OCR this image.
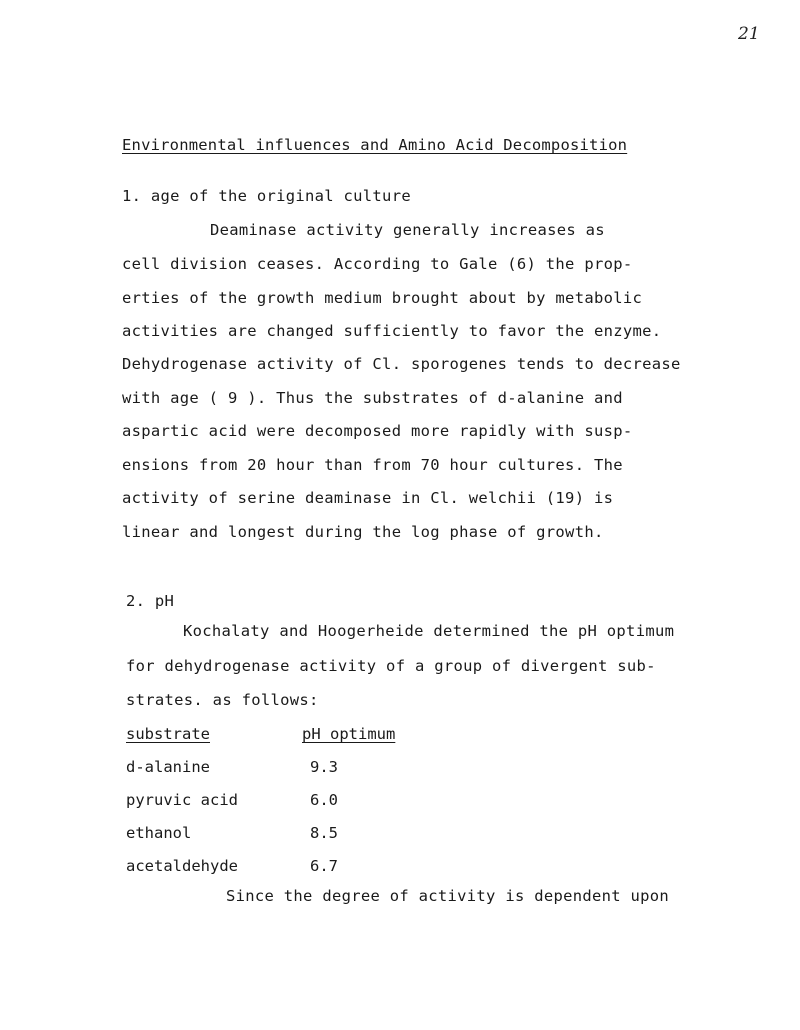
21
Environmental influences and Amino Acid Decomposition
1. age of the original culture
Deaminase activity generally increases as
cell division ceases. According to Gale (6) the prop-
erties of the growth medium brought about by metabolic
activities are changed sufficiently to favor the enzyme.
Dehydrogenase activity of Cl. sporogenes tends to decrease
with age ( 9 ). Thus the substrates of d-alanine and
aspartic acid were decomposed more rapidly with susp-
ensions from 20 hour than from 70 hour cultures. The
activity of serine deaminase in Cl. welchii (19) is
linear and longest during the log phase of growth.
2. pH
Kochalaty and Hoogerheide determined the pH optimum
for dehydrogenase activity of a group of divergent sub-
strates. as follows:
substrate	pH optimum
d-alanine	9.3
pyruvic acid	6.0
ethanol	8.5
acetaldehyde	6.7
Since the degree of activity is dependent upon
